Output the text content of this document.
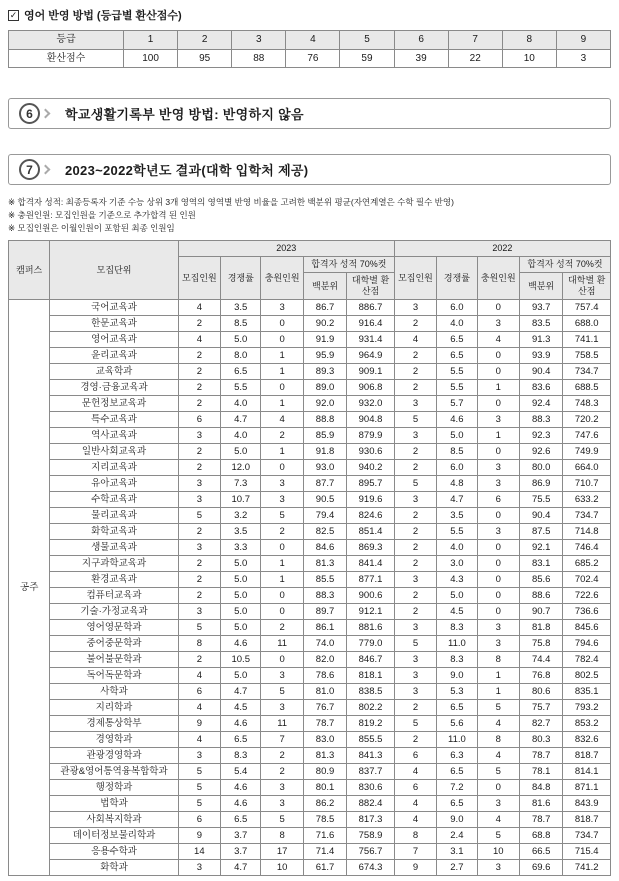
✓ 영어 반영 방법 (등급별 환산점수)
등급	1	2	3	4	5	6	7	8	9
환산점수	100	95	88	76	59	39	22	10	3
6	학교생활기록부 반영 방법: 반영하지 않음
7	2023~2022학년도 결과(대학 입학처 제공)
※ 합격자 성적: 최종등록자 기준 수능 상위 3개 영역의 영역별 반영 비율을 고려한 백분위 평균(자연계열은 수학 필수 반영)
※ 충원인원: 모집인원을 기준으로 추가합격 된 인원
※ 모집인원은 이월인원이 포함된 최종 인원임
캠퍼스	모집단위	2023					2022				
		모집인원	경쟁률	충원인원	합격자 성적 70%컷		모집인원	경쟁률	충원인원	합격자 성적 70%컷	
					백분위	대학별 환산점				백분위	대학별 환산점
공주	국어교육과	4	3.5	3	86.7	886.7	3	6.0	0	93.7	757.4
	한문교육과	2	8.5	0	90.2	916.4	2	4.0	3	83.5	688.0
	영어교육과	4	5.0	0	91.9	931.4	4	6.5	4	91.3	741.1
	윤리교육과	2	8.0	1	95.9	964.9	2	6.5	0	93.9	758.5
	교육학과	2	6.5	1	89.3	909.1	2	5.5	0	90.4	734.7
	경영·금융교육과	2	5.5	0	89.0	906.8	2	5.5	1	83.6	688.5
	문헌정보교육과	2	4.0	1	92.0	932.0	3	5.7	0	92.4	748.3
	특수교육과	6	4.7	4	88.8	904.8	5	4.6	3	88.3	720.2
	역사교육과	3	4.0	2	85.9	879.9	3	5.0	1	92.3	747.6
	일반사회교육과	2	5.0	1	91.8	930.6	2	8.5	0	92.6	749.9
	지리교육과	2	12.0	0	93.0	940.2	2	6.0	3	80.0	664.0
	유아교육과	3	7.3	3	87.7	895.7	5	4.8	3	86.9	710.7
	수학교육과	3	10.7	3	90.5	919.6	3	4.7	6	75.5	633.2
	물리교육과	5	3.2	5	79.4	824.6	2	3.5	0	90.4	734.7
	화학교육과	2	3.5	2	82.5	851.4	2	5.5	3	87.5	714.8
	생물교육과	3	3.3	0	84.6	869.3	2	4.0	0	92.1	746.4
	지구과학교육과	2	5.0	1	81.3	841.4	2	3.0	0	83.1	685.2
	환경교육과	2	5.0	1	85.5	877.1	3	4.3	0	85.6	702.4
	컴퓨터교육과	2	5.0	0	88.3	900.6	2	5.0	0	88.6	722.6
	기술·가정교육과	3	5.0	0	89.7	912.1	2	4.5	0	90.7	736.6
	영어영문학과	5	5.0	2	86.1	881.6	3	8.3	3	81.8	845.6
	중어중문학과	8	4.6	11	74.0	779.0	5	11.0	3	75.8	794.6
	불어불문학과	2	10.5	0	82.0	846.7	3	8.3	8	74.4	782.4
	독어독문학과	4	5.0	3	78.6	818.1	3	9.0	1	76.8	802.5
	사학과	6	4.7	5	81.0	838.5	3	5.3	1	80.6	835.1
	지리학과	4	4.5	3	76.7	802.2	2	6.5	5	75.7	793.2
	경제통상학부	9	4.6	11	78.7	819.2	5	5.6	4	82.7	853.2
	경영학과	4	6.5	7	83.0	855.5	2	11.0	8	80.3	832.6
	관광경영학과	3	8.3	2	81.3	841.3	6	6.3	4	78.7	818.7
	관광&영어통역융복합학과	5	5.4	2	80.9	837.7	4	6.5	5	78.1	814.1
	행정학과	5	4.6	3	80.1	830.6	6	7.2	0	84.8	871.1
	법학과	5	4.6	3	86.2	882.4	4	6.5	3	81.6	843.9
	사회복지학과	6	6.5	5	78.5	817.3	4	9.0	4	78.7	818.7
	데이터정보물리학과	9	3.7	8	71.6	758.9	8	2.4	5	68.8	734.7
	응용수학과	14	3.7	17	71.4	756.7	7	3.1	10	66.5	715.4
	화학과	3	4.7	10	61.7	674.3	9	2.7	3	69.6	741.2
